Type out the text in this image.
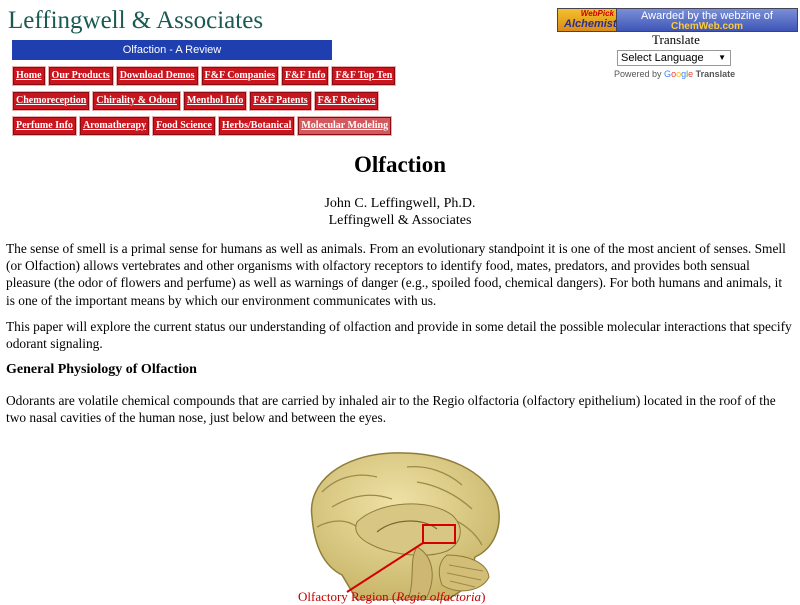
Leffingwell & Associates
Olfaction - A Review
Home	Our Products	Download Demos	F&F Companies	F&F Info	F&F Top Ten
Chemoreception	Chirality & Odour	Menthol Info	F&F Patents	F&F Reviews
Perfume Info	Aromatherapy	Food Science	Herbs/Botanical	Molecular Modeling
WebPick
Alchemist
Awarded by the webzine of
ChemWeb.com
Translate
Select Language ▼
Powered by Google Translate
Olfaction
John C. Leffingwell, Ph.D.
Leffingwell & Associates

The sense of smell is a primal sense for humans as well as animals. From an evolutionary standpoint it is one of the most ancient of senses. Smell (or Olfaction) allows vertebrates and other organisms with olfactory receptors to identify food, mates, predators, and provides both sensual pleasure (the odor of flowers and perfume) as well as warnings of danger (e.g., spoiled food, chemical dangers). For both humans and animals, it is one of the important means by which our environment communicates with us.

This paper will explore the current status our understanding of olfaction and provide in some detail the possible molecular interactions that specify odorant signaling.

General Physiology of Olfaction

Odorants are volatile chemical compounds that are carried by inhaled air to the Regio olfactoria (olfactory epithelium) located in the roof of the two nasal cavities of the human nose, just below and between the eyes.

Olfactory Region (Regio olfactoria)
